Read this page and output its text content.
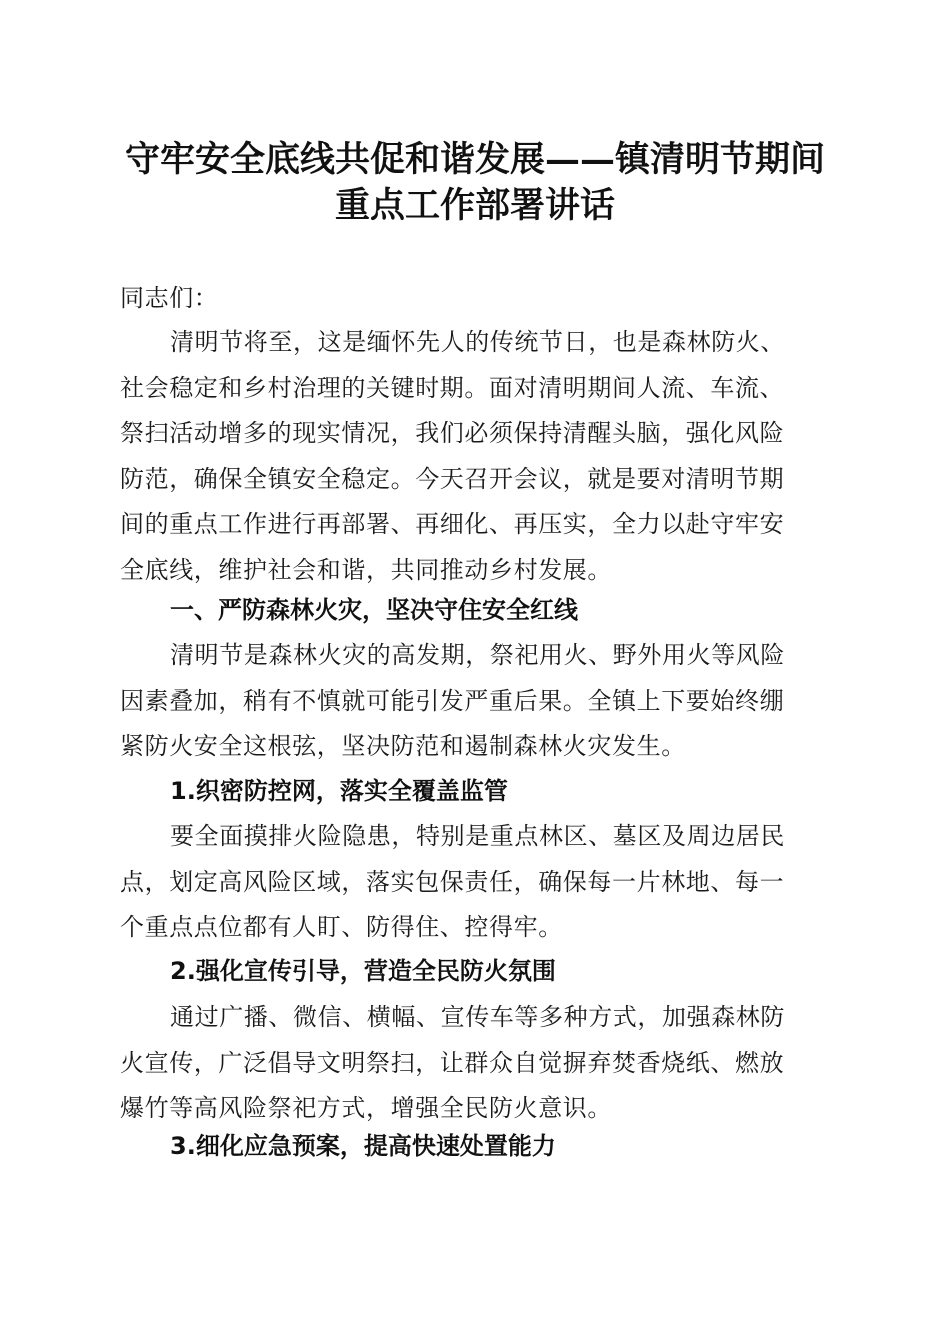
守牢安全底线共促和谐发展——镇清明节期间
重点工作部署讲话
同志们：
清明节将至，这是缅怀先人的传统节日，也是森林防火、
社会稳定和乡村治理的关键时期。面对清明期间人流、车流、
祭扫活动增多的现实情况，我们必须保持清醒头脑，强化风险
防范，确保全镇安全稳定。今天召开会议，就是要对清明节期
间的重点工作进行再部署、再细化、再压实，全力以赴守牢安
全底线，维护社会和谐，共同推动乡村发展。
一、严防森林火灾，坚决守住安全红线
清明节是森林火灾的高发期，祭祀用火、野外用火等风险
因素叠加，稍有不慎就可能引发严重后果。全镇上下要始终绷
紧防火安全这根弦，坚决防范和遏制森林火灾发生。
1.织密防控网，落实全覆盖监管
要全面摸排火险隐患，特别是重点林区、墓区及周边居民
点，划定高风险区域，落实包保责任，确保每一片林地、每一
个重点点位都有人盯、防得住、控得牢。
2.强化宣传引导，营造全民防火氛围
通过广播、微信、横幅、宣传车等多种方式，加强森林防
火宣传，广泛倡导文明祭扫，让群众自觉摒弃焚香烧纸、燃放
爆竹等高风险祭祀方式，增强全民防火意识。
3.细化应急预案，提高快速处置能力
